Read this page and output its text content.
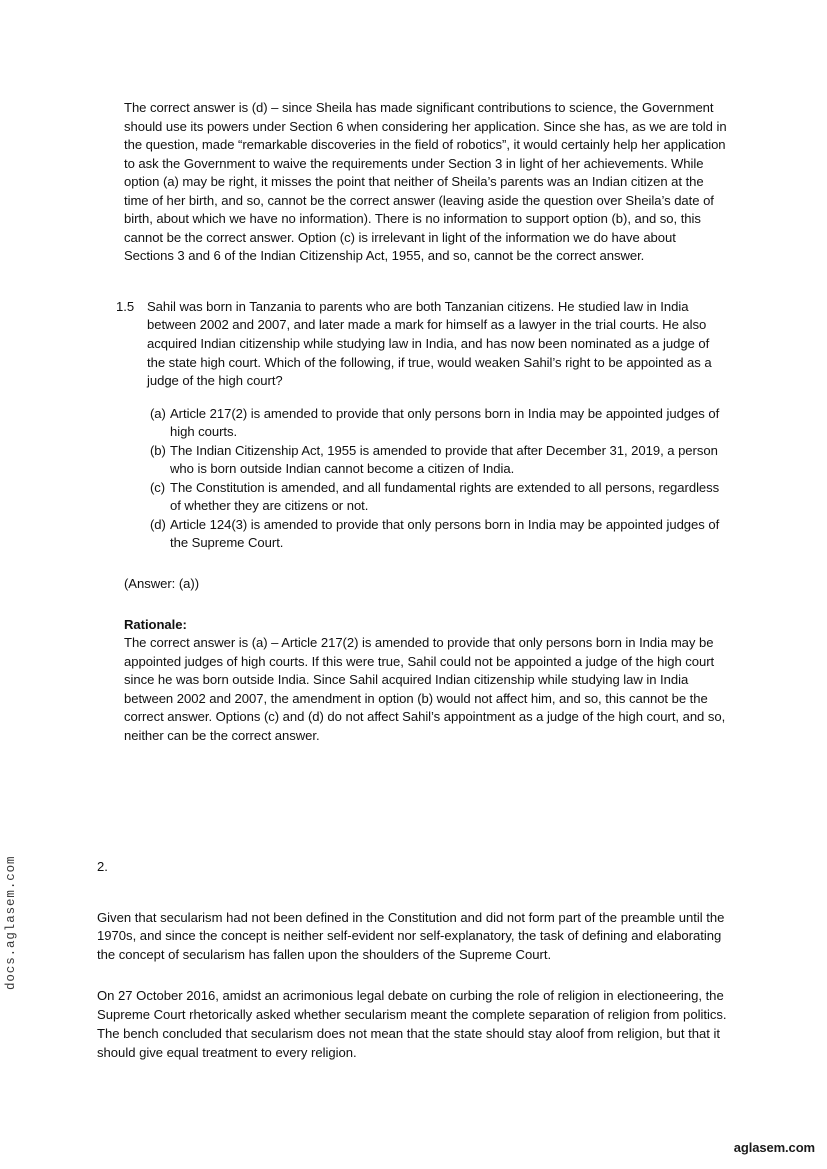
The correct answer is (d) – since Sheila has made significant contributions to science, the Government should use its powers under Section 6 when considering her application. Since she has, as we are told in the question, made “remarkable discoveries in the field of robotics”, it would certainly help her application to ask the Government to waive the requirements under Section 3 in light of her achievements. While option (a) may be right, it misses the point that neither of Sheila’s parents was an Indian citizen at the time of her birth, and so, cannot be the correct answer (leaving aside the question over Sheila’s date of birth, about which we have no information). There is no information to support option (b), and so, this cannot be the correct answer. Option (c) is irrelevant in light of the information we do have about Sections 3 and 6 of the Indian Citizenship Act, 1955, and so, cannot be the correct answer.

1.5 Sahil was born in Tanzania to parents who are both Tanzanian citizens. He studied law in India between 2002 and 2007, and later made a mark for himself as a lawyer in the trial courts. He also acquired Indian citizenship while studying law in India, and has now been nominated as a judge of the state high court. Which of the following, if true, would weaken Sahil’s right to be appointed as a judge of the high court?
(a) Article 217(2) is amended to provide that only persons born in India may be appointed judges of high courts.
(b) The Indian Citizenship Act, 1955 is amended to provide that after December 31, 2019, a person who is born outside Indian cannot become a citizen of India.
(c) The Constitution is amended, and all fundamental rights are extended to all persons, regardless of whether they are citizens or not.
(d) Article 124(3) is amended to provide that only persons born in India may be appointed judges of the Supreme Court.
(Answer: (a))
Rationale:

The correct answer is (a) – Article 217(2) is amended to provide that only persons born in India may be appointed judges of high courts. If this were true, Sahil could not be appointed a judge of the high court since he was born outside India. Since Sahil acquired Indian citizenship while studying law in India between 2002 and 2007, the amendment in option (b) would not affect him, and so, this cannot be the correct answer. Options (c) and (d) do not affect Sahil’s appointment as a judge of the high court, and so, neither can be the correct answer.

2.

Given that secularism had not been defined in the Constitution and did not form part of the preamble until the 1970s, and since the concept is neither self-evident nor self-explanatory, the task of defining and elaborating the concept of secularism has fallen upon the shoulders of the Supreme Court.

On 27 October 2016, amidst an acrimonious legal debate on curbing the role of religion in electioneering, the Supreme Court rhetorically asked whether secularism meant the complete separation of religion from politics. The bench concluded that secularism does not mean that the state should stay aloof from religion, but that it should give equal treatment to every religion.

docs.aglasem.com
aglasem.com
